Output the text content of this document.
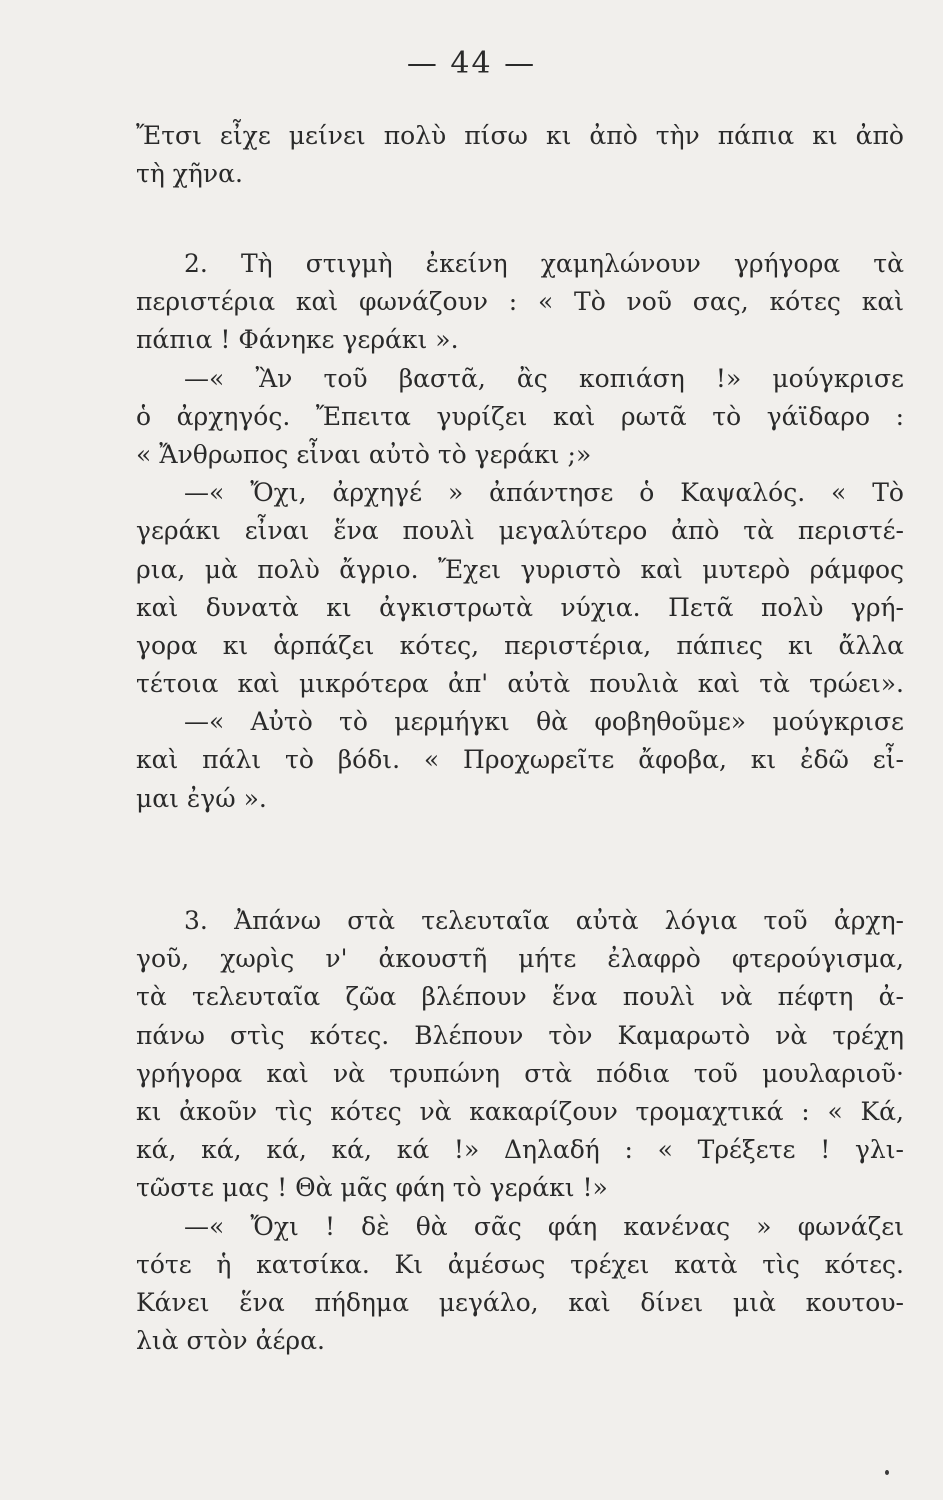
— 44 —
Ἔτσι εἶχε μείνει πολὺ πίσω κι ἀπὸ τὴν πάπια κι ἀπὸ
τὴ χῆνα.
2. Τὴ στιγμὴ ἐκείνη χαμηλώνουν γρήγορα τὰ
περιστέρια καὶ φωνάζουν : « Τὸ νοῦ σας, κότες καὶ
πάπια ! Φάνηκε γεράκι ».
—« Ἂν τοῦ βαστᾶ, ἂς κοπιάση !» μούγκρισε
ὁ ἀρχηγός. Ἔπειτα γυρίζει καὶ ρωτᾶ τὸ γάϊδαρο :
« Ἄνθρωπος εἶναι αὐτὸ τὸ γεράκι ;»
—« Ὄχι, ἀρχηγέ » ἀπάντησε ὁ Καψαλός. « Τὸ
γεράκι εἶναι ἕνα πουλὶ μεγαλύτερο ἀπὸ τὰ περιστέ-
ρια, μὰ πολὺ ἄγριο. Ἔχει γυριστὸ καὶ μυτερὸ ράμφος
καὶ δυνατὰ κι ἀγκιστρωτὰ νύχια. Πετᾶ πολὺ γρή-
γορα κι ἁρπάζει κότες, περιστέρια, πάπιες κι ἄλλα
τέτοια καὶ μικρότερα ἀπ' αὐτὰ πουλιὰ καὶ τὰ τρώει».
—« Αὐτὸ τὸ μερμήγκι θὰ φοβηθοῦμε» μούγκρισε
καὶ πάλι τὸ βόδι. « Προχωρεῖτε ἄφοβα, κι ἐδῶ εἶ-
μαι ἐγώ ».
3. Ἀπάνω στὰ τελευταῖα αὐτὰ λόγια τοῦ ἀρχη-
γοῦ, χωρὶς ν' ἀκουστῆ μήτε ἐλαφρὸ φτερούγισμα,
τὰ τελευταῖα ζῶα βλέπουν ἕνα πουλὶ νὰ πέφτη ἀ-
πάνω στὶς κότες. Βλέπουν τὸν Καμαρωτὸ νὰ τρέχη
γρήγορα καὶ νὰ τρυπώνη στὰ πόδια τοῦ μουλαριοῦ·
κι ἀκοῦν τὶς κότες νὰ κακαρίζουν τρομαχτικά : « Κά,
κά, κά, κά, κά, κά !» Δηλαδή : « Τρέξετε ! γλι-
τῶστε μας ! Θὰ μᾶς φάη τὸ γεράκι !»
—« Ὄχι ! δὲ θὰ σᾶς φάη κανένας » φωνάζει
τότε ἡ κατσίκα. Κι ἀμέσως τρέχει κατὰ τὶς κότες.
Κάνει ἕνα πήδημα μεγάλο, καὶ δίνει μιὰ κουτου-
λιὰ στὸν ἀέρα.
